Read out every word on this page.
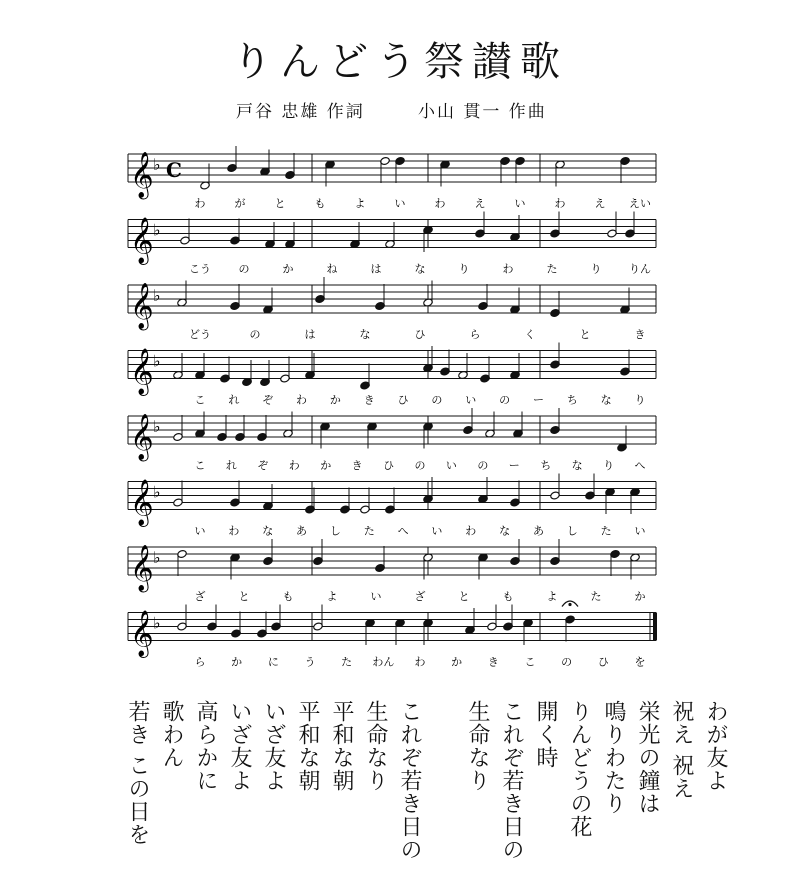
りんどう祭讃歌
戸谷 忠雄 作詞	小山 貫一 作曲
𝄞 ♭ C
わ	が	と	も	よ	い	わ	え	い	わ	え えい
𝄞 ♭
こう	の	か	ね	は	な	り	わ	た	り	りん
𝄞 ♭
どう	の	は	な	ひ	ら	く	と	き
𝄞 ♭
こ れ ぞ わ か き ひ の い の ー ち な り
𝄞 ♭
こ れ ぞ わ か き ひ の い の ー ち な り へ
𝄞 ♭
い わ な あ し た へ い わ な あ し た い
𝄞 ♭
ざ	と	も	よ	い	ざ	と	も	よ	た	か
𝄞 ♭
ら か に う た わん わ か き こ の ひ を
わが友よ
祝え 祝え
栄光の鐘は
鳴りわたり
りんどうの花
開く時
これぞ若き日の
生命なり
これぞ若き日の
生命なり
平和な朝
平和な朝
いざ友よ
いざ友よ
高らかに
歌わん
若き この日を
